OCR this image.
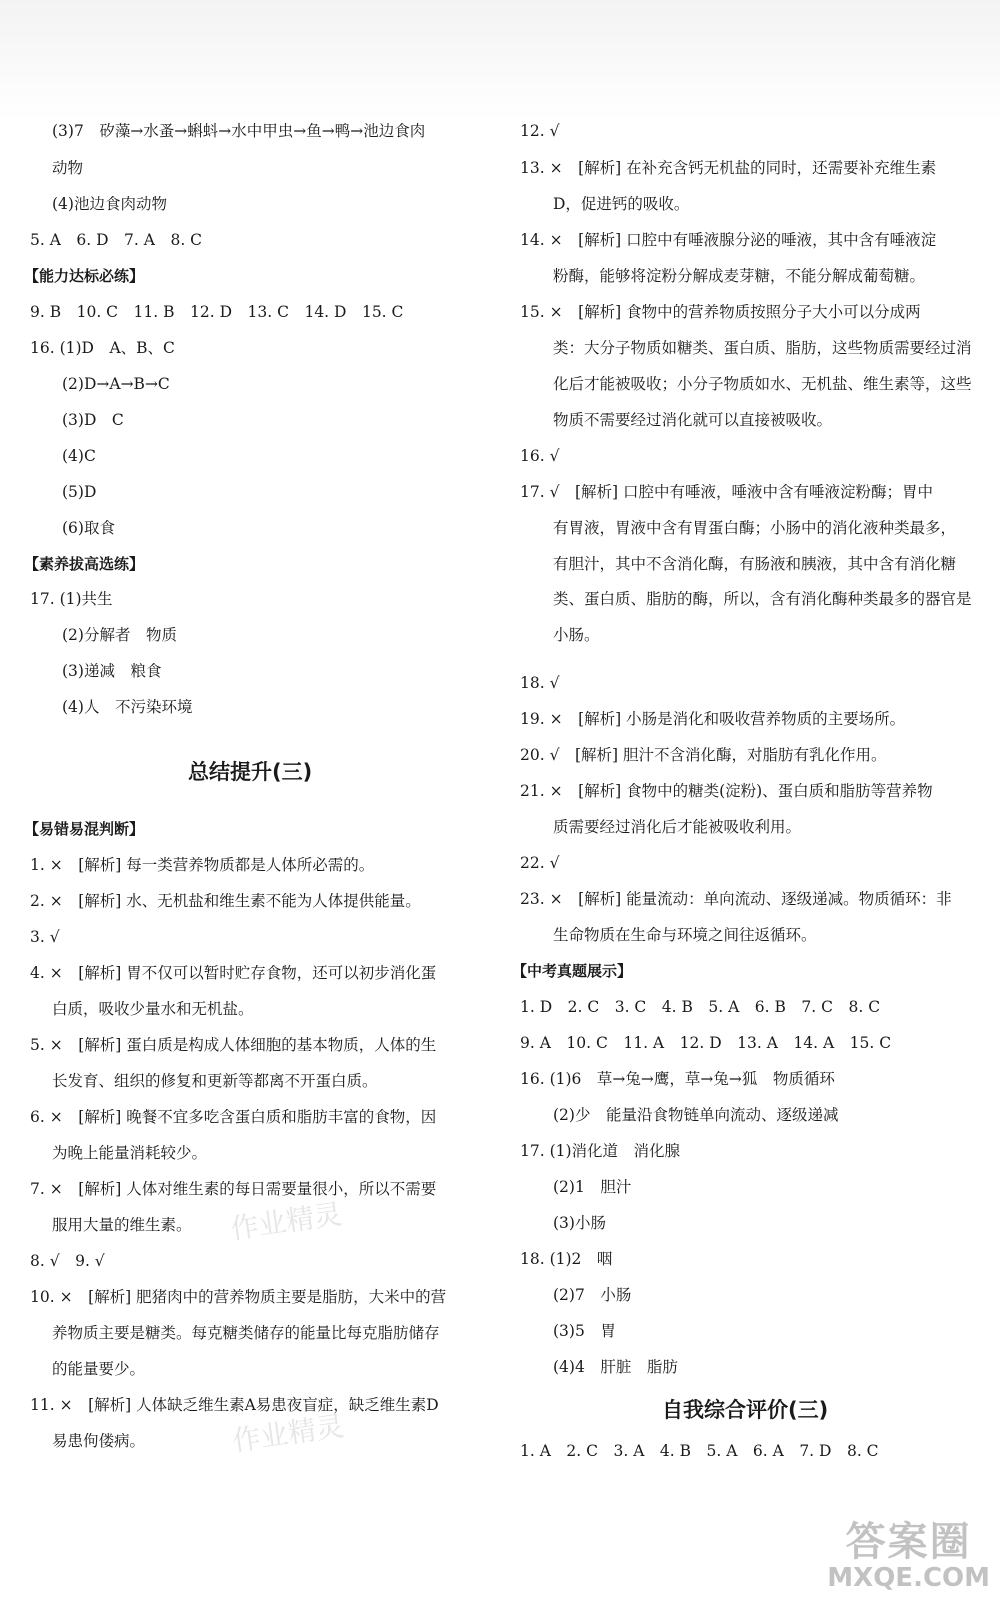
(3)7　矽藻→水蚤→蝌蚪→水中甲虫→鱼→鸭→池边食肉
动物
(4)池边食肉动物
5. A　6. D　7. A　8. C
【能力达标必练】
9. B　10. C　11. B　12. D　13. C　14. D　15. C
16. (1)D　A、B、C
(2)D→A→B→C
(3)D　C
(4)C
(5)D
(6)取食
【素养拔高选练】
17. (1)共生
(2)分解者　物质
(3)递减　粮食
(4)人　不污染环境
总结提升(三)
【易错易混判断】
1. ×　[解析] 每一类营养物质都是人体所必需的。
2. ×　[解析] 水、无机盐和维生素不能为人体提供能量。
3. √
4. ×　[解析] 胃不仅可以暂时贮存食物，还可以初步消化蛋
白质，吸收少量水和无机盐。
5. ×　[解析] 蛋白质是构成人体细胞的基本物质，人体的生
长发育、组织的修复和更新等都离不开蛋白质。
6. ×　[解析] 晚餐不宜多吃含蛋白质和脂肪丰富的食物，因
为晚上能量消耗较少。
7. ×　[解析] 人体对维生素的每日需要量很小，所以不需要
服用大量的维生素。
8. √　9. √
10. ×　[解析] 肥猪肉中的营养物质主要是脂肪，大米中的营
养物质主要是糖类。每克糖类储存的能量比每克脂肪储存
的能量要少。
11. ×　[解析] 人体缺乏维生素A易患夜盲症，缺乏维生素D
易患佝偻病。
12. √
13. ×　[解析] 在补充含钙无机盐的同时，还需要补充维生素
D，促进钙的吸收。
14. ×　[解析] 口腔中有唾液腺分泌的唾液，其中含有唾液淀
粉酶，能够将淀粉分解成麦芽糖，不能分解成葡萄糖。
15. ×　[解析] 食物中的营养物质按照分子大小可以分成两
类：大分子物质如糖类、蛋白质、脂肪，这些物质需要经过消
化后才能被吸收；小分子物质如水、无机盐、维生素等，这些
物质不需要经过消化就可以直接被吸收。
16. √
17. √　[解析] 口腔中有唾液，唾液中含有唾液淀粉酶；胃中
有胃液，胃液中含有胃蛋白酶；小肠中的消化液种类最多，
有胆汁，其中不含消化酶，有肠液和胰液，其中含有消化糖
类、蛋白质、脂肪的酶，所以，含有消化酶种类最多的器官是
小肠。
18. √
19. ×　[解析] 小肠是消化和吸收营养物质的主要场所。
20. √　[解析] 胆汁不含消化酶，对脂肪有乳化作用。
21. ×　[解析] 食物中的糖类(淀粉)、蛋白质和脂肪等营养物
质需要经过消化后才能被吸收利用。
22. √
23. ×　[解析] 能量流动：单向流动、逐级递减。物质循环：非
生命物质在生命与环境之间往返循环。
【中考真题展示】
1. D　2. C　3. C　4. B　5. A　6. B　7. C　8. C
9. A　10. C　11. A　12. D　13. A　14. A　15. C
16. (1)6　草→兔→鹰，草→兔→狐　物质循环
(2)少　能量沿食物链单向流动、逐级递减
17. (1)消化道　消化腺
(2)1　胆汁
(3)小肠
18. (1)2　咽
(2)7　小肠
(3)5　胃
(4)4　肝脏　脂肪
自我综合评价(三)
1. A　2. C　3. A　4. B　5. A　6. A　7. D　8. C
作业精灵
作业精灵
答案圈
MXQE.COM
